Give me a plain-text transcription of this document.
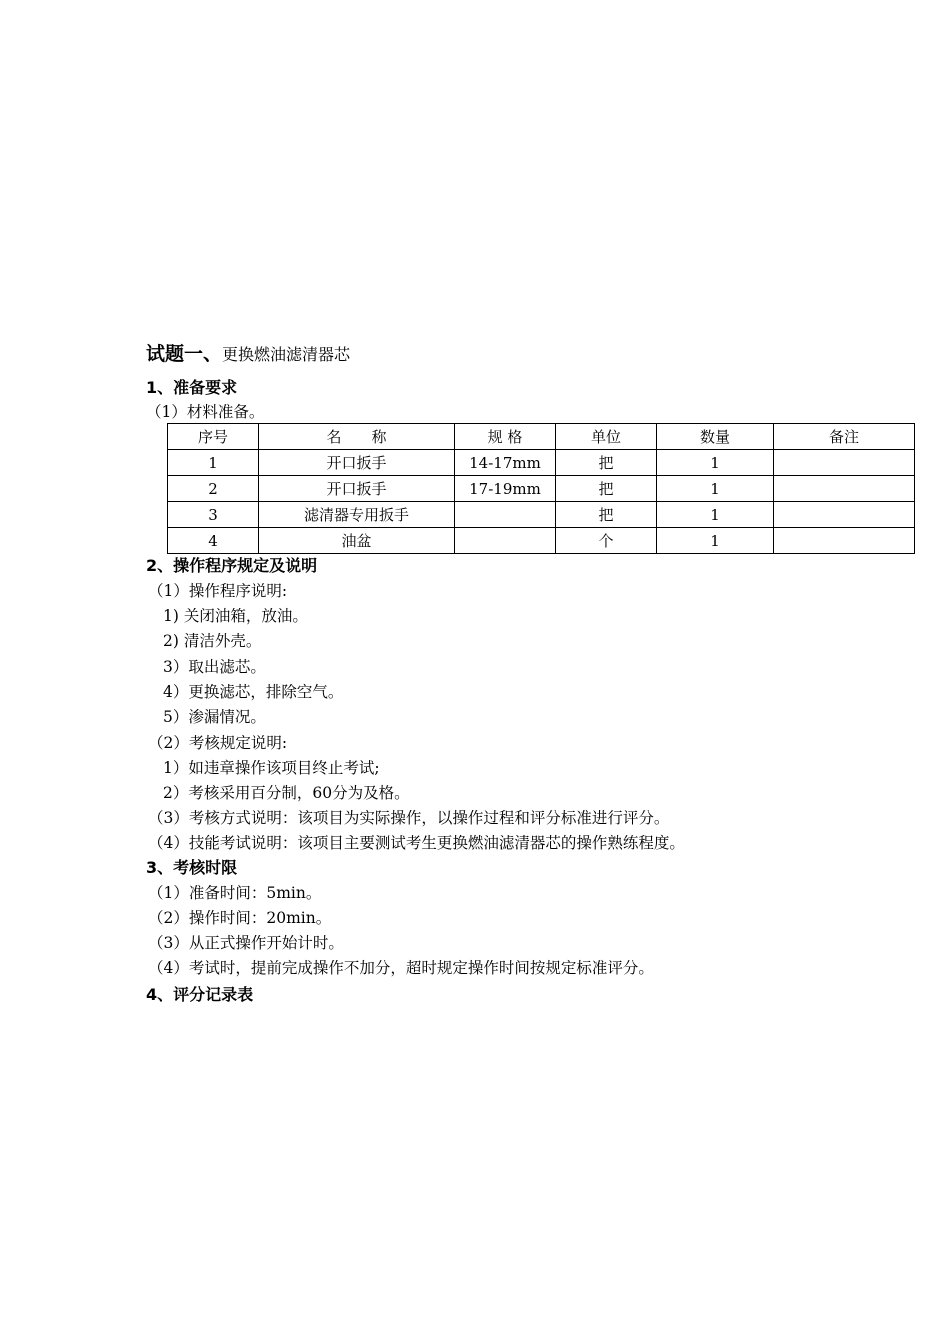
试题一、更换燃油滤清器芯
1、准备要求
（1）材料准备。
序号	名　　称	规 格	单位	数量	备注
1	开口扳手	14-17mm	把	1	
2	开口扳手	17-19mm	把	1	
3	滤清器专用扳手		把	1	
4	油盆		个	1	
2、操作程序规定及说明
（1）操作程序说明:
1) 关闭油箱，放油。
2) 清洁外壳。
3）取出滤芯。
4）更换滤芯，排除空气。
5）渗漏情况。
（2）考核规定说明:
1）如违章操作该项目终止考试;
2）考核采用百分制，60分为及格。
（3）考核方式说明：该项目为实际操作，以操作过程和评分标准进行评分。
（4）技能考试说明：该项目主要测试考生更换燃油滤清器芯的操作熟练程度。
3、考核时限
（1）准备时间：5min。
（2）操作时间：20min。
（3）从正式操作开始计时。
（4）考试时，提前完成操作不加分，超时规定操作时间按规定标准评分。
4、评分记录表
